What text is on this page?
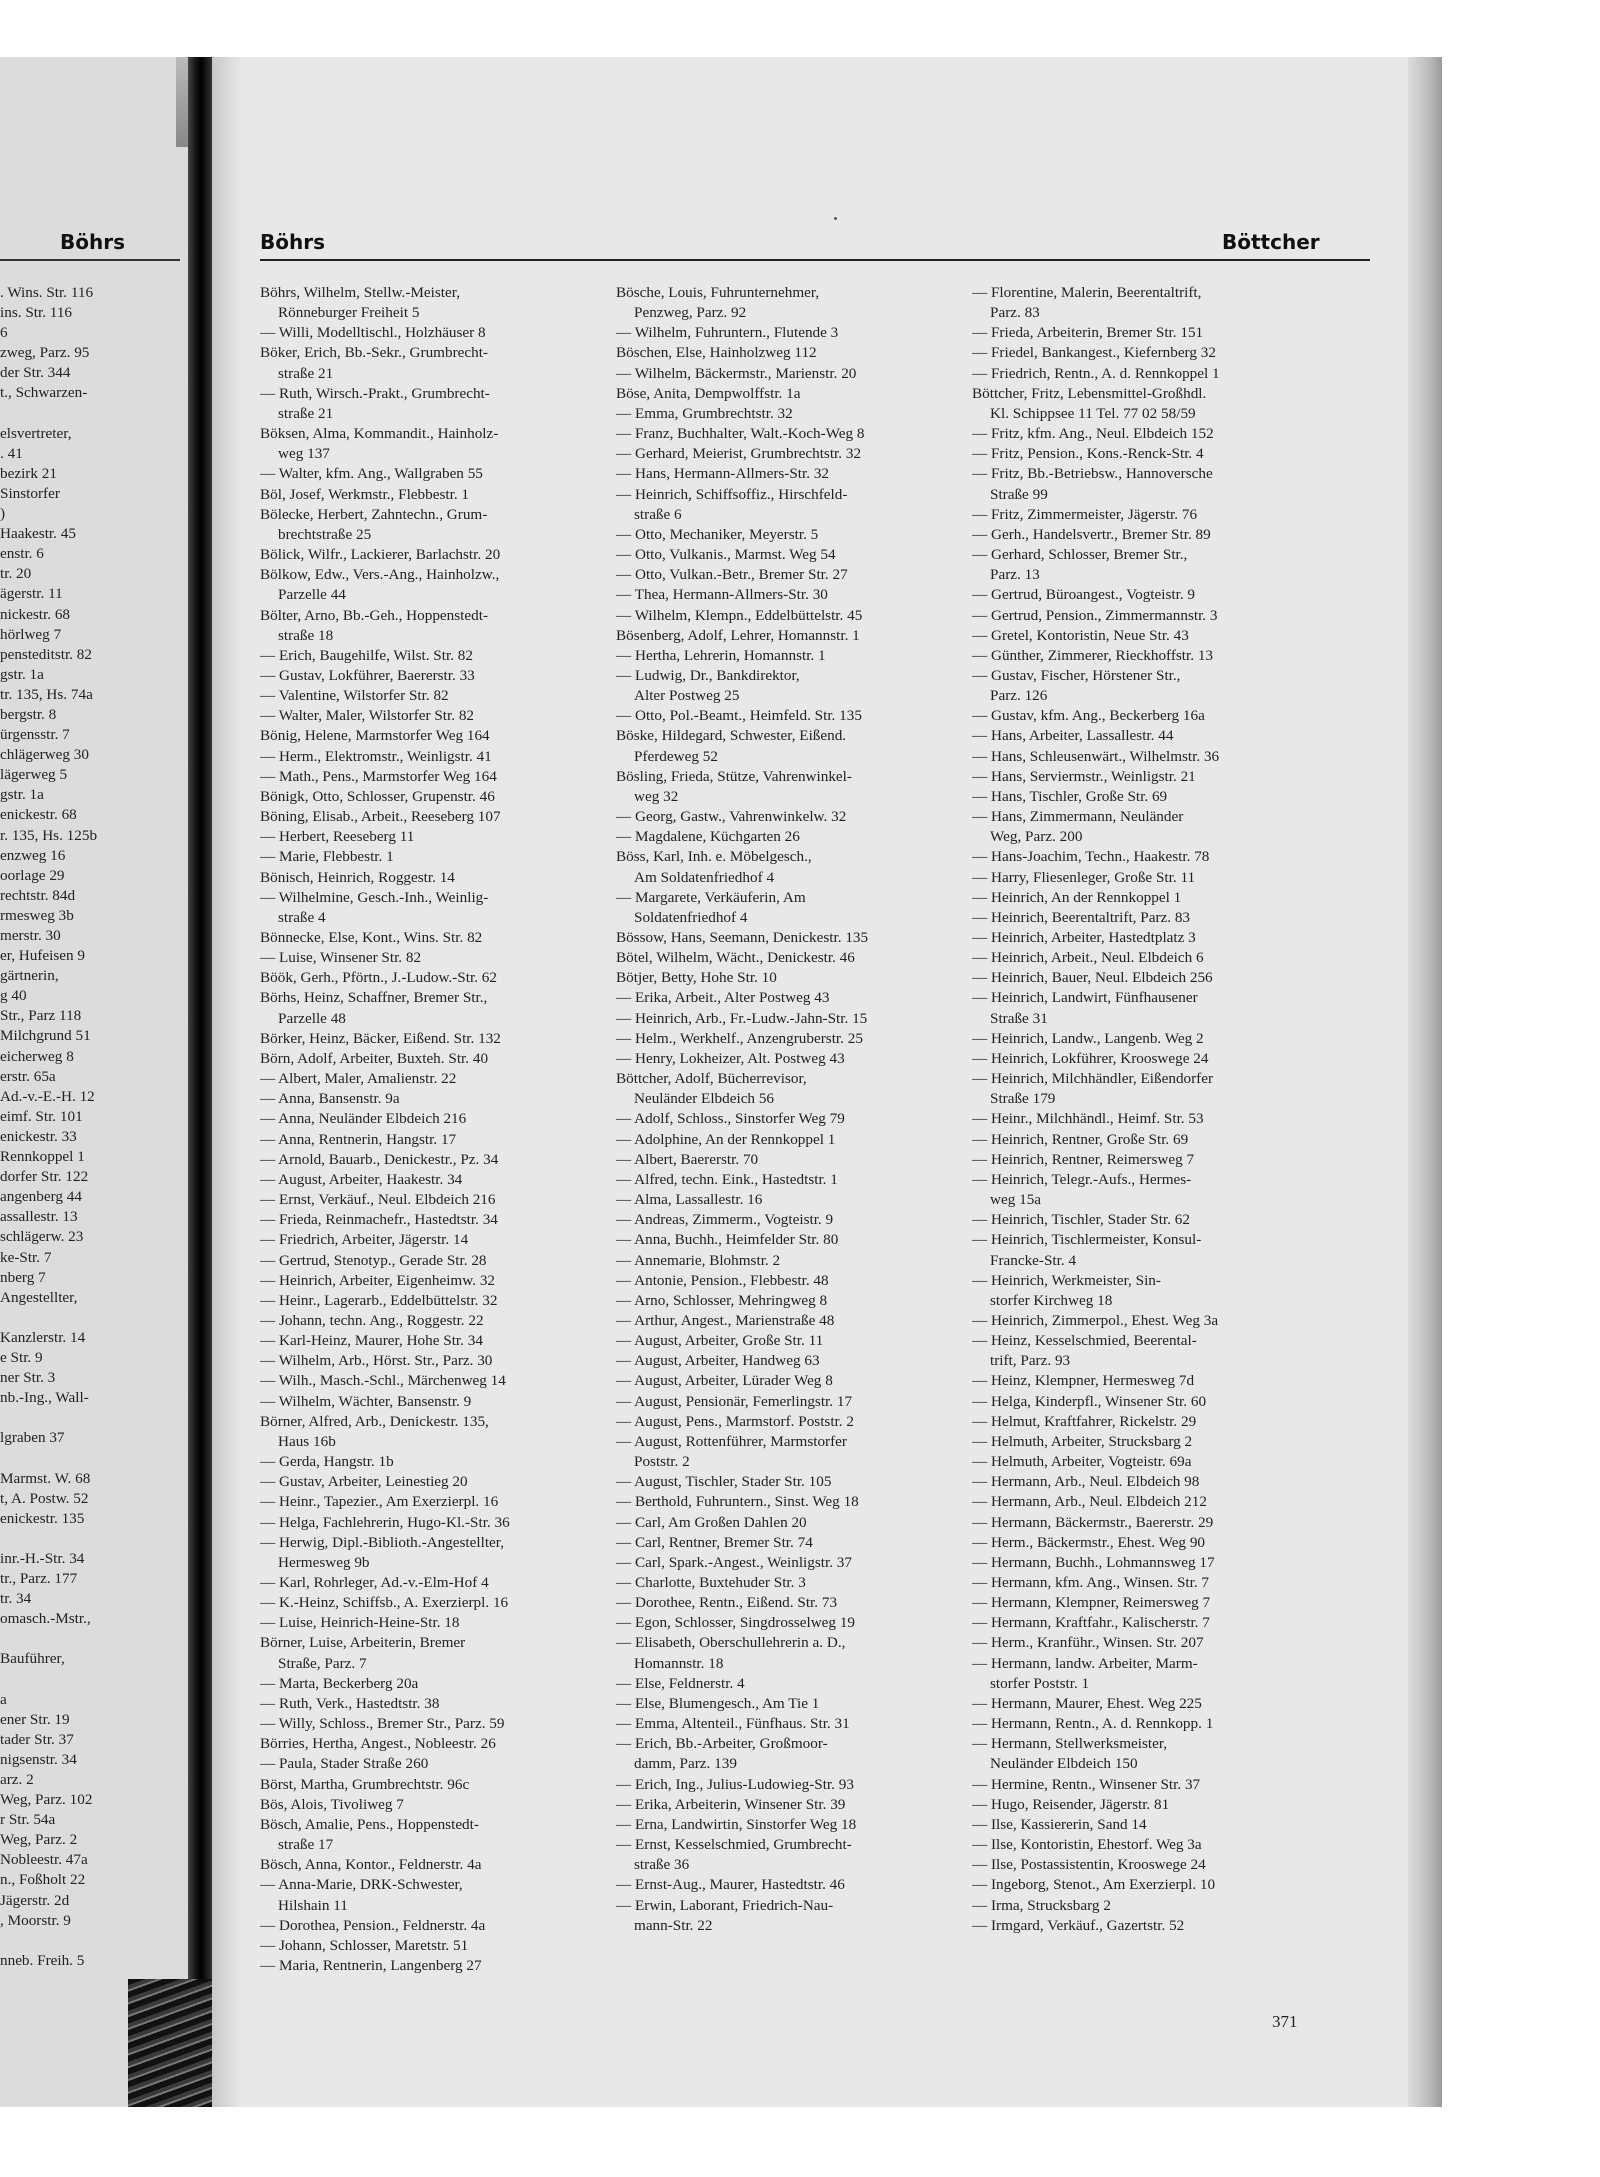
Böhrs
. Wins. Str. 116
ins. Str. 116
6
zweg, Parz. 95
der Str. 344
t., Schwarzen-

elsvertreter,
. 41
bezirk 21
Sinstorfer
)
Haakestr. 45
enstr. 6
tr. 20
ägerstr. 11
nickestr. 68
hörlweg 7
pensteditstr. 82
gstr. 1a
tr. 135, Hs. 74a
bergstr. 8
ürgensstr. 7
chlägerweg 30
lägerweg 5
gstr. 1a
enickestr. 68
r. 135, Hs. 125b
enzweg 16
oorlage 29
rechtstr. 84d
rmesweg 3b
merstr. 30
er, Hufeisen 9
gärtnerin,
g 40
Str., Parz 118
Milchgrund 51
eicherweg 8
erstr. 65a
Ad.-v.-E.-H. 12
eimf. Str. 101
enickestr. 33
Rennkoppel 1
dorfer Str. 122
angenberg 44
assallestr. 13
schlägerw. 23
ke-Str. 7
nberg 7
Angestellter,

Kanzlerstr. 14
e Str. 9
ner Str. 3
nb.-Ing., Wall-

lgraben 37

Marmst. W. 68
t, A. Postw. 52
enickestr. 135

inr.-H.-Str. 34
tr., Parz. 177
tr. 34
omasch.-Mstr.,

Bauführer,

a
ener Str. 19
tader Str. 37
nigsenstr. 34
arz. 2
Weg, Parz. 102
r Str. 54a
Weg, Parz. 2
Nobleestr. 47a
n., Foßholt 22
Jägerstr. 2d
, Moorstr. 9

nneb. Freih. 5
Böhrs	Böttcher
Böhrs, Wilhelm, Stellw.-Meister,
Rönneburger Freiheit 5
— Willi, Modelltischl., Holzhäuser 8
Böker, Erich, Bb.-Sekr., Grumbrecht-
straße 21
— Ruth, Wirsch.-Prakt., Grumbrecht-
straße 21
Böksen, Alma, Kommandit., Hainholz-
weg 137
— Walter, kfm. Ang., Wallgraben 55
Böl, Josef, Werkmstr., Flebbestr. 1
Bölecke, Herbert, Zahntechn., Grum-
brechtstraße 25
Bölick, Wilfr., Lackierer, Barlachstr. 20
Bölkow, Edw., Vers.-Ang., Hainholzw.,
Parzelle 44
Bölter, Arno, Bb.-Geh., Hoppenstedt-
straße 18
— Erich, Baugehilfe, Wilst. Str. 82
— Gustav, Lokführer, Baererstr. 33
— Valentine, Wilstorfer Str. 82
— Walter, Maler, Wilstorfer Str. 82
Bönig, Helene, Marmstorfer Weg 164
— Herm., Elektromstr., Weinligstr. 41
— Math., Pens., Marmstorfer Weg 164
Bönigk, Otto, Schlosser, Grupenstr. 46
Böning, Elisab., Arbeit., Reeseberg 107
— Herbert, Reeseberg 11
— Marie, Flebbestr. 1
Bönisch, Heinrich, Roggestr. 14
— Wilhelmine, Gesch.-Inh., Weinlig-
straße 4
Bönnecke, Else, Kont., Wins. Str. 82
— Luise, Winsener Str. 82
Böök, Gerh., Pförtn., J.-Ludow.-Str. 62
Börhs, Heinz, Schaffner, Bremer Str.,
Parzelle 48
Börker, Heinz, Bäcker, Eißend. Str. 132
Börn, Adolf, Arbeiter, Buxteh. Str. 40
— Albert, Maler, Amalienstr. 22
— Anna, Bansenstr. 9a
— Anna, Neuländer Elbdeich 216
— Anna, Rentnerin, Hangstr. 17
— Arnold, Bauarb., Denickestr., Pz. 34
— August, Arbeiter, Haakestr. 34
— Ernst, Verkäuf., Neul. Elbdeich 216
— Frieda, Reinmachefr., Hastedtstr. 34
— Friedrich, Arbeiter, Jägerstr. 14
— Gertrud, Stenotyp., Gerade Str. 28
— Heinrich, Arbeiter, Eigenheimw. 32
— Heinr., Lagerarb., Eddelbüttelstr. 32
— Johann, techn. Ang., Roggestr. 22
— Karl-Heinz, Maurer, Hohe Str. 34
— Wilhelm, Arb., Hörst. Str., Parz. 30
— Wilh., Masch.-Schl., Märchenweg 14
— Wilhelm, Wächter, Bansenstr. 9
Börner, Alfred, Arb., Denickestr. 135,
Haus 16b
— Gerda, Hangstr. 1b
— Gustav, Arbeiter, Leinestieg 20
— Heinr., Tapezier., Am Exerzierpl. 16
— Helga, Fachlehrerin, Hugo-Kl.-Str. 36
— Herwig, Dipl.-Biblioth.-Angestellter,
Hermesweg 9b
— Karl, Rohrleger, Ad.-v.-Elm-Hof 4
— K.-Heinz, Schiffsb., A. Exerzierpl. 16
— Luise, Heinrich-Heine-Str. 18
Börner, Luise, Arbeiterin, Bremer
Straße, Parz. 7
— Marta, Beckerberg 20a
— Ruth, Verk., Hastedtstr. 38
— Willy, Schloss., Bremer Str., Parz. 59
Börries, Hertha, Angest., Nobleestr. 26
— Paula, Stader Straße 260
Börst, Martha, Grumbrechtstr. 96c
Bös, Alois, Tivoliweg 7
Bösch, Amalie, Pens., Hoppenstedt-
straße 17
Bösch, Anna, Kontor., Feldnerstr. 4a
— Anna-Marie, DRK-Schwester,
Hilshain 11
— Dorothea, Pension., Feldnerstr. 4a
— Johann, Schlosser, Maretstr. 51
— Maria, Rentnerin, Langenberg 27
Bösche, Louis, Fuhrunternehmer,
Penzweg, Parz. 92
— Wilhelm, Fuhruntern., Flutende 3
Böschen, Else, Hainholzweg 112
— Wilhelm, Bäckermstr., Marienstr. 20
Böse, Anita, Dempwolffstr. 1a
— Emma, Grumbrechtstr. 32
— Franz, Buchhalter, Walt.-Koch-Weg 8
— Gerhard, Meierist, Grumbrechtstr. 32
— Hans, Hermann-Allmers-Str. 32
— Heinrich, Schiffsoffiz., Hirschfeld-
straße 6
— Otto, Mechaniker, Meyerstr. 5
— Otto, Vulkanis., Marmst. Weg 54
— Otto, Vulkan.-Betr., Bremer Str. 27
— Thea, Hermann-Allmers-Str. 30
— Wilhelm, Klempn., Eddelbüttelstr. 45
Bösenberg, Adolf, Lehrer, Homannstr. 1
— Hertha, Lehrerin, Homannstr. 1
— Ludwig, Dr., Bankdirektor,
Alter Postweg 25
— Otto, Pol.-Beamt., Heimfeld. Str. 135
Böske, Hildegard, Schwester, Eißend.
Pferdeweg 52
Bösling, Frieda, Stütze, Vahrenwinkel-
weg 32
— Georg, Gastw., Vahrenwinkelw. 32
— Magdalene, Küchgarten 26
Böss, Karl, Inh. e. Möbelgesch.,
Am Soldatenfriedhof 4
— Margarete, Verkäuferin, Am
Soldatenfriedhof 4
Bössow, Hans, Seemann, Denickestr. 135
Bötel, Wilhelm, Wächt., Denickestr. 46
Bötjer, Betty, Hohe Str. 10
— Erika, Arbeit., Alter Postweg 43
— Heinrich, Arb., Fr.-Ludw.-Jahn-Str. 15
— Helm., Werkhelf., Anzengruberstr. 25
— Henry, Lokheizer, Alt. Postweg 43
Böttcher, Adolf, Bücherrevisor,
Neuländer Elbdeich 56
— Adolf, Schloss., Sinstorfer Weg 79
— Adolphine, An der Rennkoppel 1
— Albert, Baererstr. 70
— Alfred, techn. Eink., Hastedtstr. 1
— Alma, Lassallestr. 16
— Andreas, Zimmerm., Vogteistr. 9
— Anna, Buchh., Heimfelder Str. 80
— Annemarie, Blohmstr. 2
— Antonie, Pension., Flebbestr. 48
— Arno, Schlosser, Mehringweg 8
— Arthur, Angest., Marienstraße 48
— August, Arbeiter, Große Str. 11
— August, Arbeiter, Handweg 63
— August, Arbeiter, Lürader Weg 8
— August, Pensionär, Femerlingstr. 17
— August, Pens., Marmstorf. Poststr. 2
— August, Rottenführer, Marmstorfer
Poststr. 2
— August, Tischler, Stader Str. 105
— Berthold, Fuhruntern., Sinst. Weg 18
— Carl, Am Großen Dahlen 20
— Carl, Rentner, Bremer Str. 74
— Carl, Spark.-Angest., Weinligstr. 37
— Charlotte, Buxtehuder Str. 3
— Dorothee, Rentn., Eißend. Str. 73
— Egon, Schlosser, Singdrosselweg 19
— Elisabeth, Oberschullehrerin a. D.,
Homannstr. 18
— Else, Feldnerstr. 4
— Else, Blumengesch., Am Tie 1
— Emma, Altenteil., Fünfhaus. Str. 31
— Erich, Bb.-Arbeiter, Großmoor-
damm, Parz. 139
— Erich, Ing., Julius-Ludowieg-Str. 93
— Erika, Arbeiterin, Winsener Str. 39
— Erna, Landwirtin, Sinstorfer Weg 18
— Ernst, Kesselschmied, Grumbrecht-
straße 36
— Ernst-Aug., Maurer, Hastedtstr. 46
— Erwin, Laborant, Friedrich-Nau-
mann-Str. 22
— Florentine, Malerin, Beerentaltrift,
Parz. 83
— Frieda, Arbeiterin, Bremer Str. 151
— Friedel, Bankangest., Kiefernberg 32
— Friedrich, Rentn., A. d. Rennkoppel 1
Böttcher, Fritz, Lebensmittel-Großhdl.
Kl. Schippsee 11 Tel. 77 02 58/59
— Fritz, kfm. Ang., Neul. Elbdeich 152
— Fritz, Pension., Kons.-Renck-Str. 4
— Fritz, Bb.-Betriebsw., Hannoversche
Straße 99
— Fritz, Zimmermeister, Jägerstr. 76
— Gerh., Handelsvertr., Bremer Str. 89
— Gerhard, Schlosser, Bremer Str.,
Parz. 13
— Gertrud, Büroangest., Vogteistr. 9
— Gertrud, Pension., Zimmermannstr. 3
— Gretel, Kontoristin, Neue Str. 43
— Günther, Zimmerer, Rieckhoffstr. 13
— Gustav, Fischer, Hörstener Str.,
Parz. 126
— Gustav, kfm. Ang., Beckerberg 16a
— Hans, Arbeiter, Lassallestr. 44
— Hans, Schleusenwärt., Wilhelmstr. 36
— Hans, Serviermstr., Weinligstr. 21
— Hans, Tischler, Große Str. 69
— Hans, Zimmermann, Neuländer
Weg, Parz. 200
— Hans-Joachim, Techn., Haakestr. 78
— Harry, Fliesenleger, Große Str. 11
— Heinrich, An der Rennkoppel 1
— Heinrich, Beerentaltrift, Parz. 83
— Heinrich, Arbeiter, Hastedtplatz 3
— Heinrich, Arbeit., Neul. Elbdeich 6
— Heinrich, Bauer, Neul. Elbdeich 256
— Heinrich, Landwirt, Fünfhausener
Straße 31
— Heinrich, Landw., Langenb. Weg 2
— Heinrich, Lokführer, Krooswege 24
— Heinrich, Milchhändler, Eißendorfer
Straße 179
— Heinr., Milchhändl., Heimf. Str. 53
— Heinrich, Rentner, Große Str. 69
— Heinrich, Rentner, Reimersweg 7
— Heinrich, Telegr.-Aufs., Hermes-
weg 15a
— Heinrich, Tischler, Stader Str. 62
— Heinrich, Tischlermeister, Konsul-
Francke-Str. 4
— Heinrich, Werkmeister, Sin-
storfer Kirchweg 18
— Heinrich, Zimmerpol., Ehest. Weg 3a
— Heinz, Kesselschmied, Beerental-
trift, Parz. 93
— Heinz, Klempner, Hermesweg 7d
— Helga, Kinderpfl., Winsener Str. 60
— Helmut, Kraftfahrer, Rickelstr. 29
— Helmuth, Arbeiter, Strucksbarg 2
— Helmuth, Arbeiter, Vogteistr. 69a
— Hermann, Arb., Neul. Elbdeich 98
— Hermann, Arb., Neul. Elbdeich 212
— Hermann, Bäckermstr., Baererstr. 29
— Herm., Bäckermstr., Ehest. Weg 90
— Hermann, Buchh., Lohmannsweg 17
— Hermann, kfm. Ang., Winsen. Str. 7
— Hermann, Klempner, Reimersweg 7
— Hermann, Kraftfahr., Kalischerstr. 7
— Herm., Kranführ., Winsen. Str. 207
— Hermann, landw. Arbeiter, Marm-
storfer Poststr. 1
— Hermann, Maurer, Ehest. Weg 225
— Hermann, Rentn., A. d. Rennkopp. 1
— Hermann, Stellwerksmeister,
Neuländer Elbdeich 150
— Hermine, Rentn., Winsener Str. 37
— Hugo, Reisender, Jägerstr. 81
— Ilse, Kassiererin, Sand 14
— Ilse, Kontoristin, Ehestorf. Weg 3a
— Ilse, Postassistentin, Krooswege 24
— Ingeborg, Stenot., Am Exerzierpl. 10
— Irma, Strucksbarg 2
— Irmgard, Verkäuf., Gazertstr. 52
371
